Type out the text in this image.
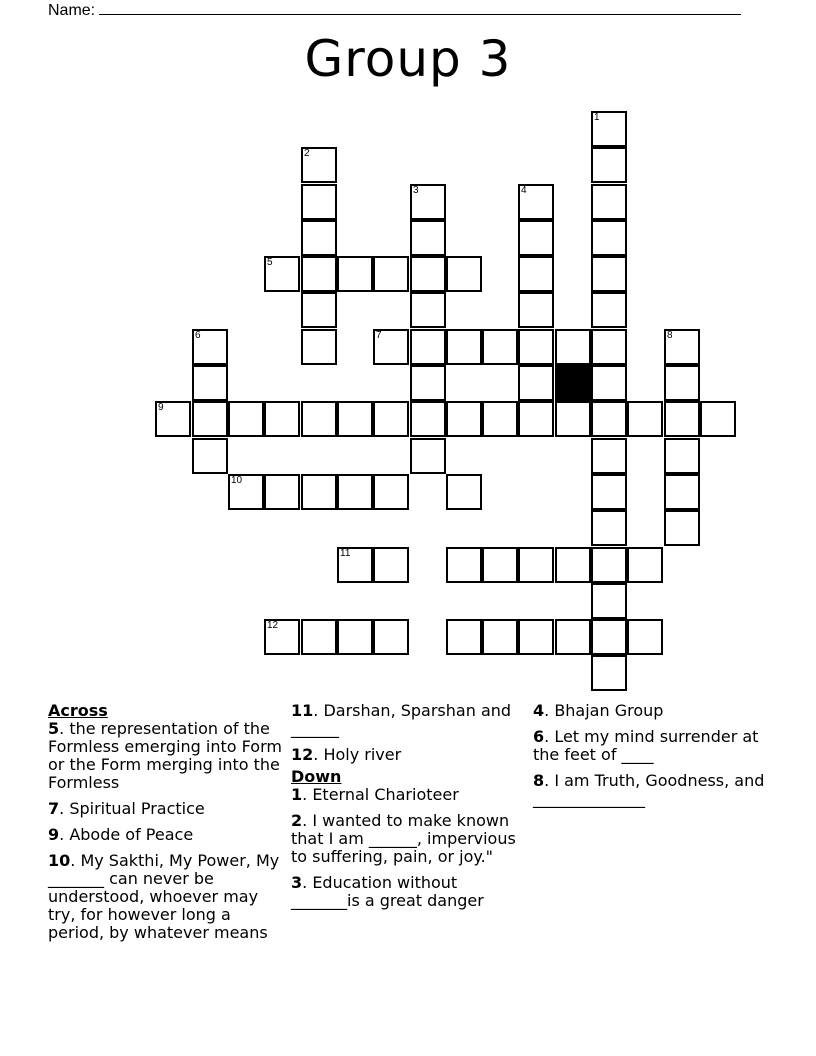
Name:
Group 3
1
2
3	4
5
6	7	8
9
10
11
12
Across
5. the representation of the Formless emerging into Form or the Form merging into the Formless
7. Spiritual Practice
9. Abode of Peace
10. My Sakthi, My Power, My _______ can never be understood, whoever may try, for however long a period, by whatever means
11. Darshan, Sparshan and ______
12. Holy river
Down
1. Eternal Charioteer
2. I wanted to make known that I am ______, impervious to suffering, pain, or joy."
3. Education without _______is a great danger
4. Bhajan Group
6. Let my mind surrender at the feet of ____
8. I am Truth, Goodness, and ______________
